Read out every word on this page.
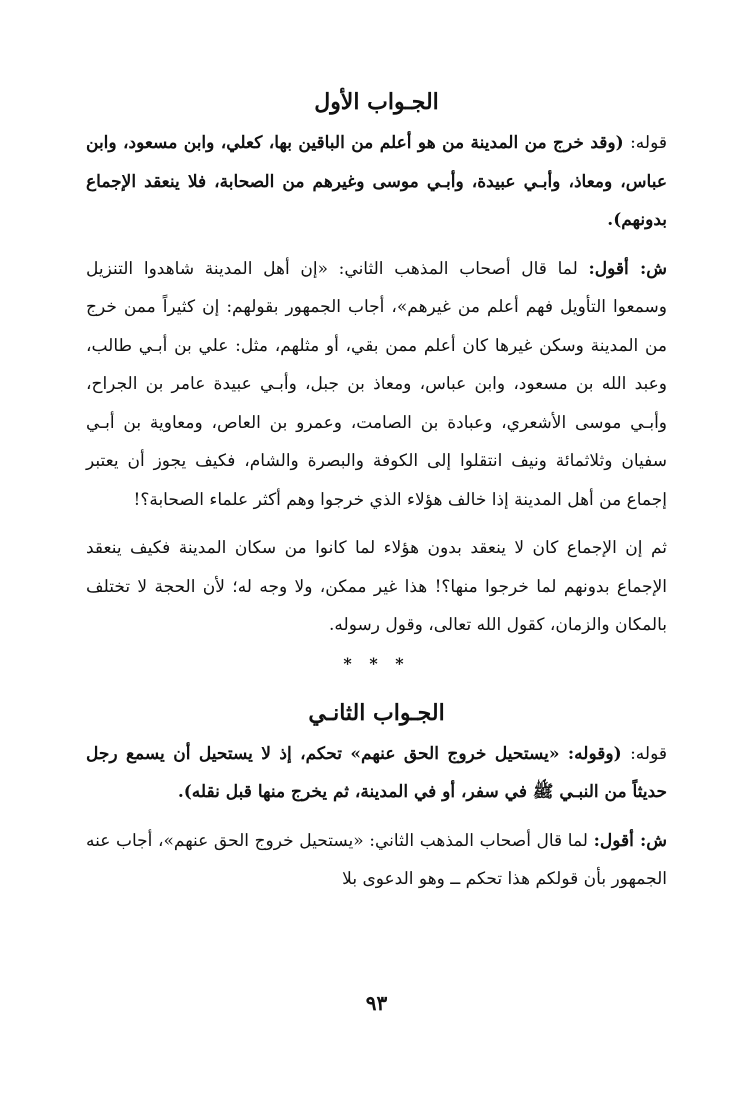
الجـواب الأول

قوله: (وقد خرج من المدينة من هو أعلم من الباقين بها، كعلي، وابن مسعود، وابن عباس، ومعاذ، وأبـي عبيدة، وأبـي موسى وغيرهم من الصحابة، فلا ينعقد الإجماع بدونهم).

ش: أقول: لما قال أصحاب المذهب الثاني: «إن أهل المدينة شاهدوا التنزيل وسمعوا التأويل فهم أعلم من غيرهم»، أجاب الجمهور بقولهم: إن كثيراً ممن خرج من المدينة وسكن غيرها كان أعلم ممن بقي، أو مثلهم، مثل: علي بن أبـي طالب، وعبد الله بن مسعود، وابن عباس، ومعاذ بن جبل، وأبـي عبيدة عامر بن الجراح، وأبـي موسى الأشعري، وعبادة بن الصامت، وعمرو بن العاص، ومعاوية بن أبـي سفيان وثلاثمائة ونيف انتقلوا إلى الكوفة والبصرة والشام، فكيف يجوز أن يعتبر إجماع من أهل المدينة إذا خالف هؤلاء الذي خرجوا وهم أكثر علماء الصحابة؟!

ثم إن الإجماع كان لا ينعقد بدون هؤلاء لما كانوا من سكان المدينة فكيف ينعقد الإجماع بدونهم لما خرجوا منها؟! هذا غير ممكن، ولا وجه له؛ لأن الحجة لا تختلف بالمكان والزمان، كقول الله تعالى، وقول رسوله.

* * *
الجـواب الثانـي

قوله: (وقوله: «يستحيل خروج الحق عنهم» تحكم، إذ لا يستحيل أن يسمع رجل حديثاً من النبـي ﷺ في سفر، أو في المدينة، ثم يخرج منها قبل نقله).

ش: أقول: لما قال أصحاب المذهب الثاني: «يستحيل خروج الحق عنهم»، أجاب عنه الجمهور بأن قولكم هذا تحكم ــ وهو الدعوى بلا

٩٣
